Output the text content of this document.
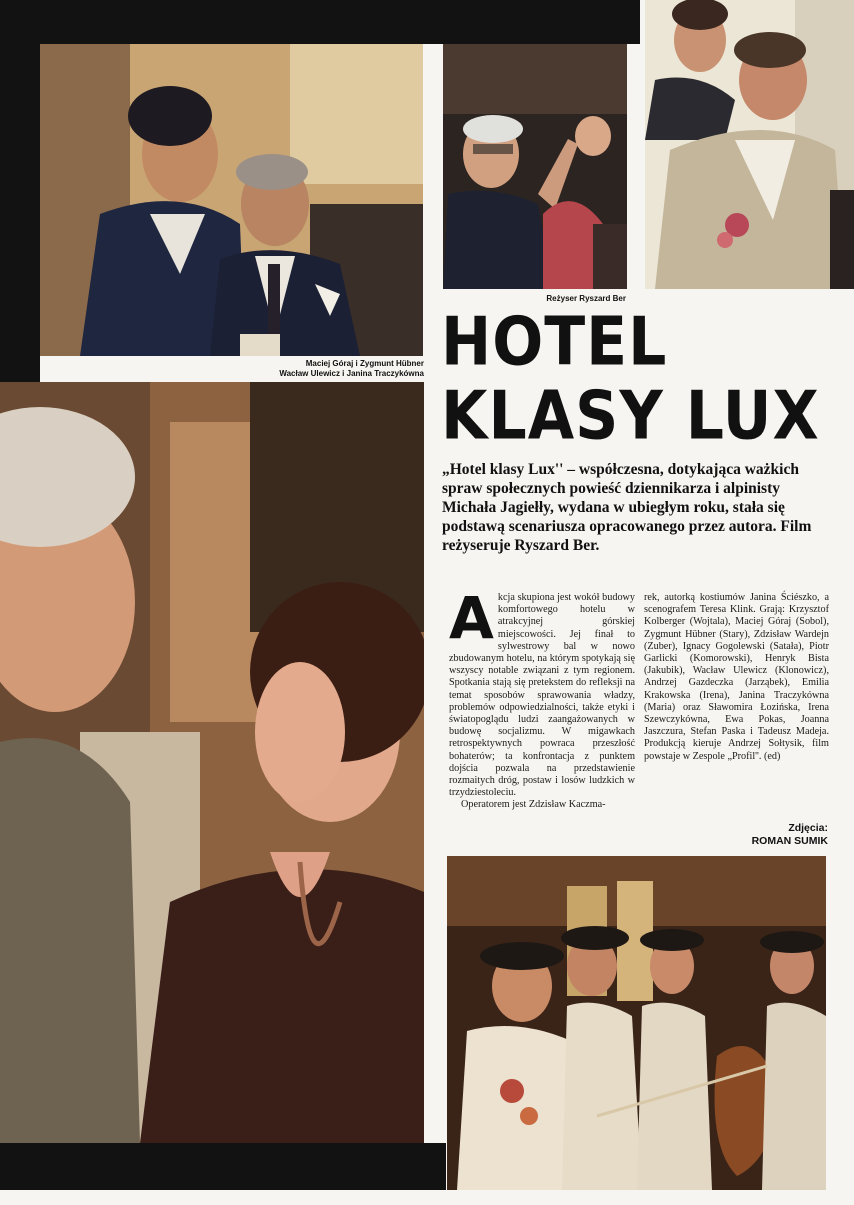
Maciej Góraj i Zygmunt Hübner
Wacław Ulewicz i Janina Traczykówna
Reżyser Ryszard Ber
HOTEL
KLASY LUX

„Hotel klasy Lux'' – współczesna, dotykająca ważkich spraw społecznych powieść dziennikarza i alpinisty Michała Jagiełły, wydana w ubiegłym roku, stała się podstawą scenariusza opracowanego przez autora. Film reżyseruje Ryszard Ber.

A kcja skupiona jest wokół budowy komfortowego hotelu w atrakcyjnej górskiej miejscowości. Jej finał to sylwestrowy bal w nowo zbudowanym hotelu, na którym spotykają się wszyscy notable związani z tym regionem. Spotkania stają się pretekstem do refleksji na temat sposobów sprawowania władzy, problemów odpowiedzialności, także etyki i światopoglądu ludzi zaangażowanych w budowę socjalizmu. W migawkach retrospektywnych powraca przeszłość bohaterów; ta konfrontacja z punktem dojścia pozwala na przedstawienie rozmaitych dróg, postaw i losów ludzkich w trzydziestoleciu.
Operatorem jest Zdzisław Kaczma-
rek, autorką kostiumów Janina Ściészko, a scenografem Teresa Klink. Grają: Krzysztof Kolberger (Wojtala), Maciej Góraj (Sobol), Zygmunt Hübner (Stary), Zdzisław Wardejn (Zuber), Ignacy Gogolewski (Satała), Piotr Garlicki (Komorowski), Henryk Bista (Jakubik), Wacław Ulewicz (Klonowicz), Andrzej Gazdeczka (Jarząbek), Emilia Krakowska (Irena), Janina Traczykówna (Maria) oraz Sławomira Łozińska, Irena Szewczykówna, Ewa Pokas, Joanna Jaszczura, Stefan Paska i Tadeusz Madeja. Produkcją kieruje Andrzej Sołtysik, film powstaje w Zespole „Profil''. (ed)
Zdjęcia:
ROMAN SUMIK
